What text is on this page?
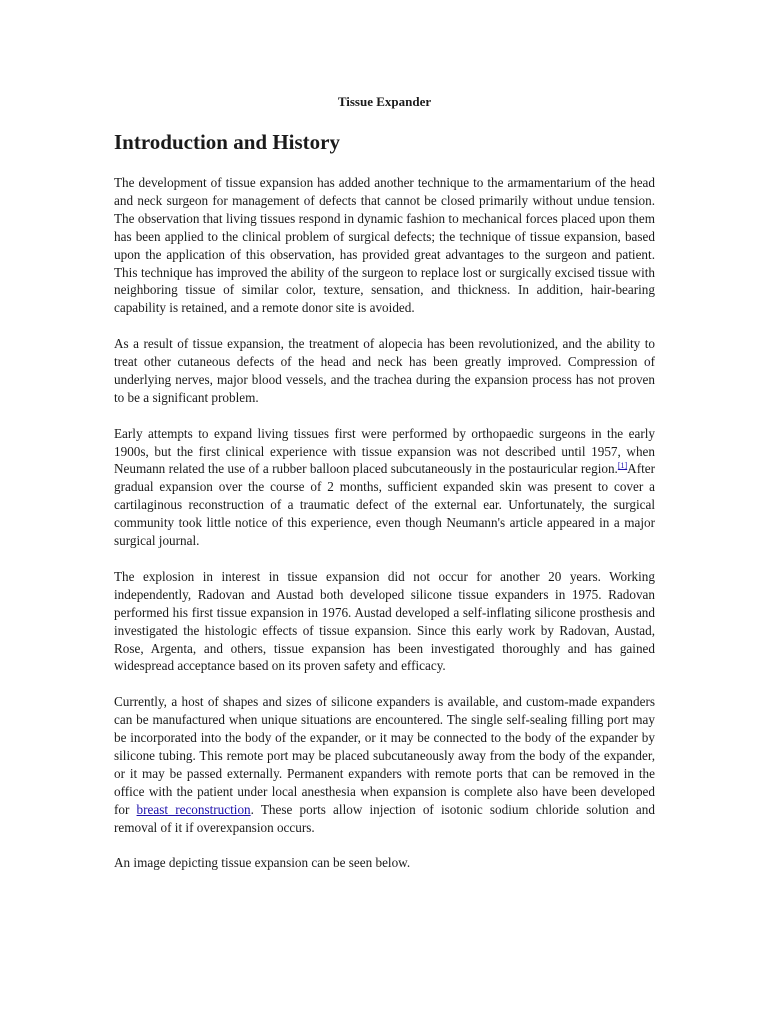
Tissue Expander
Introduction and History

The development of tissue expansion has added another technique to the armamentarium of the head and neck surgeon for management of defects that cannot be closed primarily without undue tension. The observation that living tissues respond in dynamic fashion to mechanical forces placed upon them has been applied to the clinical problem of surgical defects; the technique of tissue expansion, based upon the application of this observation, has provided great advantages to the surgeon and patient. This technique has improved the ability of the surgeon to replace lost or surgically excised tissue with neighboring tissue of similar color, texture, sensation, and thickness. In addition, hair-bearing capability is retained, and a remote donor site is avoided.

As a result of tissue expansion, the treatment of alopecia has been revolutionized, and the ability to treat other cutaneous defects of the head and neck has been greatly improved. Compression of underlying nerves, major blood vessels, and the trachea during the expansion process has not proven to be a significant problem.

Early attempts to expand living tissues first were performed by orthopaedic surgeons in the early 1900s, but the first clinical experience with tissue expansion was not described until 1957, when Neumann related the use of a rubber balloon placed subcutaneously in the postauricular region.[1]After gradual expansion over the course of 2 months, sufficient expanded skin was present to cover a cartilaginous reconstruction of a traumatic defect of the external ear. Unfortunately, the surgical community took little notice of this experience, even though Neumann's article appeared in a major surgical journal.

The explosion in interest in tissue expansion did not occur for another 20 years. Working independently, Radovan and Austad both developed silicone tissue expanders in 1975. Radovan performed his first tissue expansion in 1976. Austad developed a self-inflating silicone prosthesis and investigated the histologic effects of tissue expansion. Since this early work by Radovan, Austad, Rose, Argenta, and others, tissue expansion has been investigated thoroughly and has gained widespread acceptance based on its proven safety and efficacy.

Currently, a host of shapes and sizes of silicone expanders is available, and custom-made expanders can be manufactured when unique situations are encountered. The single self-sealing filling port may be incorporated into the body of the expander, or it may be connected to the body of the expander by silicone tubing. This remote port may be placed subcutaneously away from the body of the expander, or it may be passed externally. Permanent expanders with remote ports that can be removed in the office with the patient under local anesthesia when expansion is complete also have been developed for breast reconstruction. These ports allow injection of isotonic sodium chloride solution and removal of it if overexpansion occurs.

An image depicting tissue expansion can be seen below.
